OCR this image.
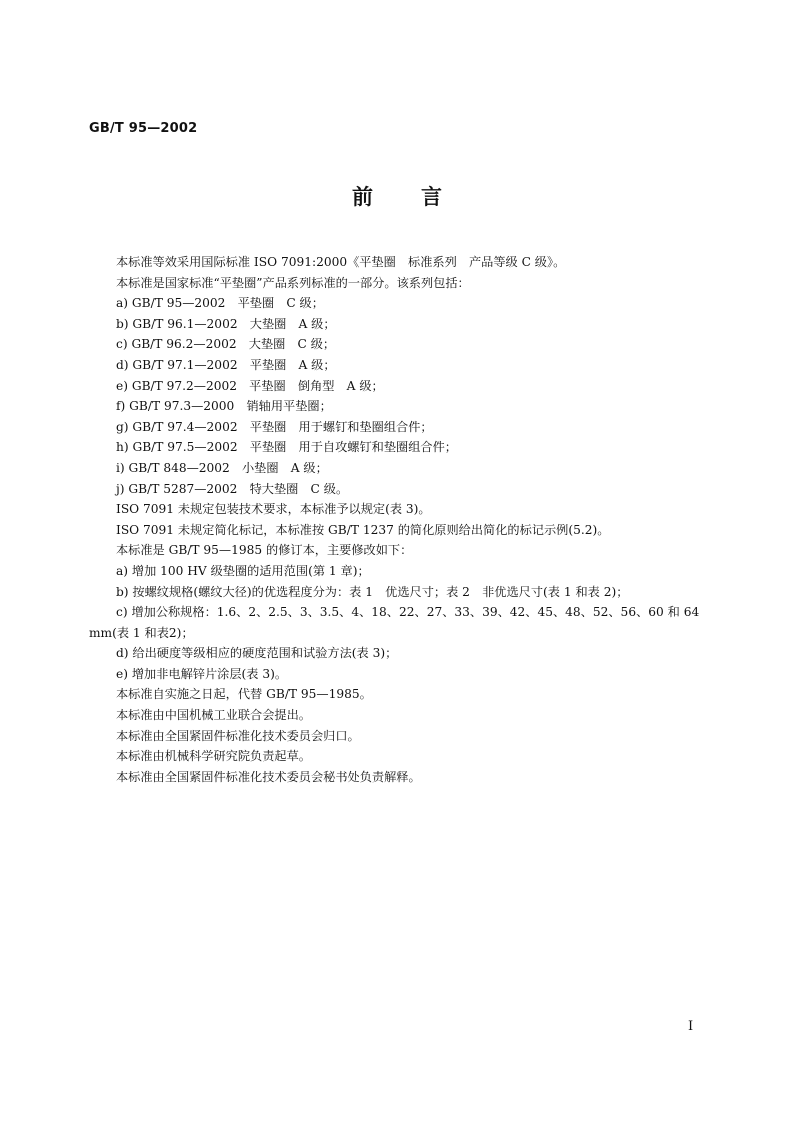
GB/T 95—2002
前言

本标准等效采用国际标准 ISO 7091:2000《平垫圈　标准系列　产品等级 C 级》。

本标准是国家标准“平垫圈”产品系列标准的一部分。该系列包括：

a) GB/T 95—2002　平垫圈　C 级；

b) GB/T 96.1—2002　大垫圈　A 级；

c) GB/T 96.2—2002　大垫圈　C 级；

d) GB/T 97.1—2002　平垫圈　A 级；

e) GB/T 97.2—2002　平垫圈　倒角型　A 级；

f) GB/T 97.3—2000　销轴用平垫圈；

g) GB/T 97.4—2002　平垫圈　用于螺钉和垫圈组合件；

h) GB/T 97.5—2002　平垫圈　用于自攻螺钉和垫圈组合件；

i) GB/T 848—2002　小垫圈　A 级；

j) GB/T 5287—2002　特大垫圈　C 级。

ISO 7091 未规定包装技术要求，本标准予以规定(表 3)。

ISO 7091 未规定简化标记，本标准按 GB/T 1237 的简化原则给出简化的标记示例(5.2)。

本标准是 GB/T 95—1985 的修订本，主要修改如下：

a) 增加 100 HV 级垫圈的适用范围(第 1 章)；

b) 按螺纹规格(螺纹大径)的优选程度分为：表 1　优选尺寸；表 2　非优选尺寸(表 1 和表 2)；

c) 增加公称规格：1.6、2、2.5、3、3.5、4、18、22、27、33、39、42、45、48、52、56、60 和 64 mm(表 1 和表2)；

d) 给出硬度等级相应的硬度范围和试验方法(表 3)；

e) 增加非电解锌片涂层(表 3)。

本标准自实施之日起，代替 GB/T 95—1985。

本标准由中国机械工业联合会提出。

本标准由全国紧固件标准化技术委员会归口。

本标准由机械科学研究院负责起草。

本标准由全国紧固件标准化技术委员会秘书处负责解释。

I
